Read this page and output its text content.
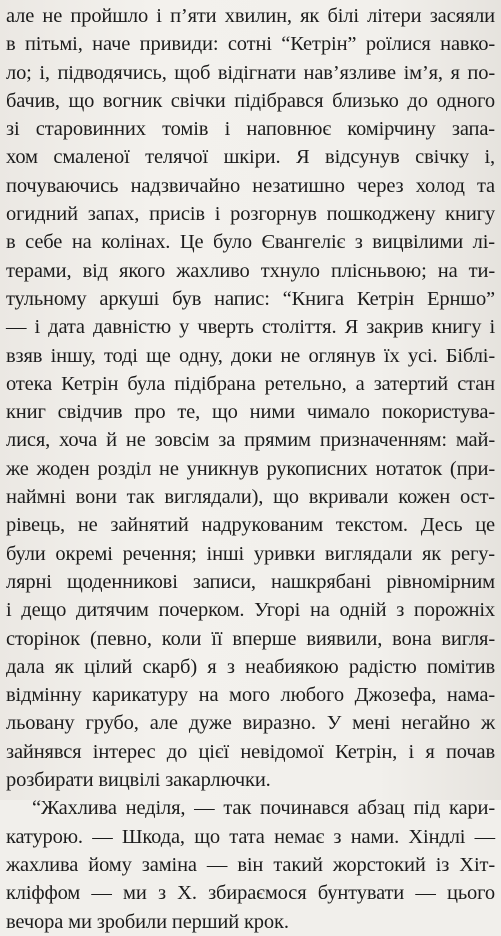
але не пройшло і п’яти хвилин, як білі літери засяяли
в пітьмі, наче привиди: сотні “Кетрін” роїлися навко-
ло; і, підводячись, щоб відігнати нав’язливе ім’я, я по-
бачив, що вогник свічки підібрався близько до одного
зі старовинних томів і наповнює комірчину запа-
хом смаленої телячої шкіри. Я відсунув свічку і,
почуваючись надзвичайно незатишно через холод та
огидний запах, присів і розгорнув пошкоджену книгу
в себе на колінах. Це було Євангеліє з вицвілими лі-
терами, від якого жахливо тхнуло плісньвою; на ти-
тульному аркуші був напис: “Книга Кетрін Ерншо”
— і дата давністю у чверть століття. Я закрив книгу і
взяв іншу, тоді ще одну, доки не оглянув їх усі. Біблі-
отека Кетрін була підібрана ретельно, а затертий стан
книг свідчив про те, що ними чимало покористува-
лися, хоча й не зовсім за прямим призначенням: май-
же жоден розділ не уникнув рукописних нотаток (при-
наймні вони так виглядали), що вкривали кожен ост-
рівець, не зайнятий надрукованим текстом. Десь це
були окремі речення; інші уривки виглядали як регу-
лярні щоденникові записи, нашкрябані рівномірним
і дещо дитячим почерком. Угорі на одній з порожніх
сторінок (певно, коли її вперше виявили, вона вигля-
дала як цілий скарб) я з неабиякою радістю помітив
відмінну карикатуру на мого любого Джозефа, нама-
льовану грубо, але дуже виразно. У мені негайно ж
зайнявся інтерес до цієї невідомої Кетрін, і я почав
розбирати вицвілі закарлючки.
“Жахлива неділя, — так починався абзац під кари-
катурою. — Шкода, що тата немає з нами. Хіндлі —
жахлива йому заміна — він такий жорстокий із Хіт-
кліффом — ми з Х. збираємося бунтувати — цього
вечора ми зробили перший крок.
